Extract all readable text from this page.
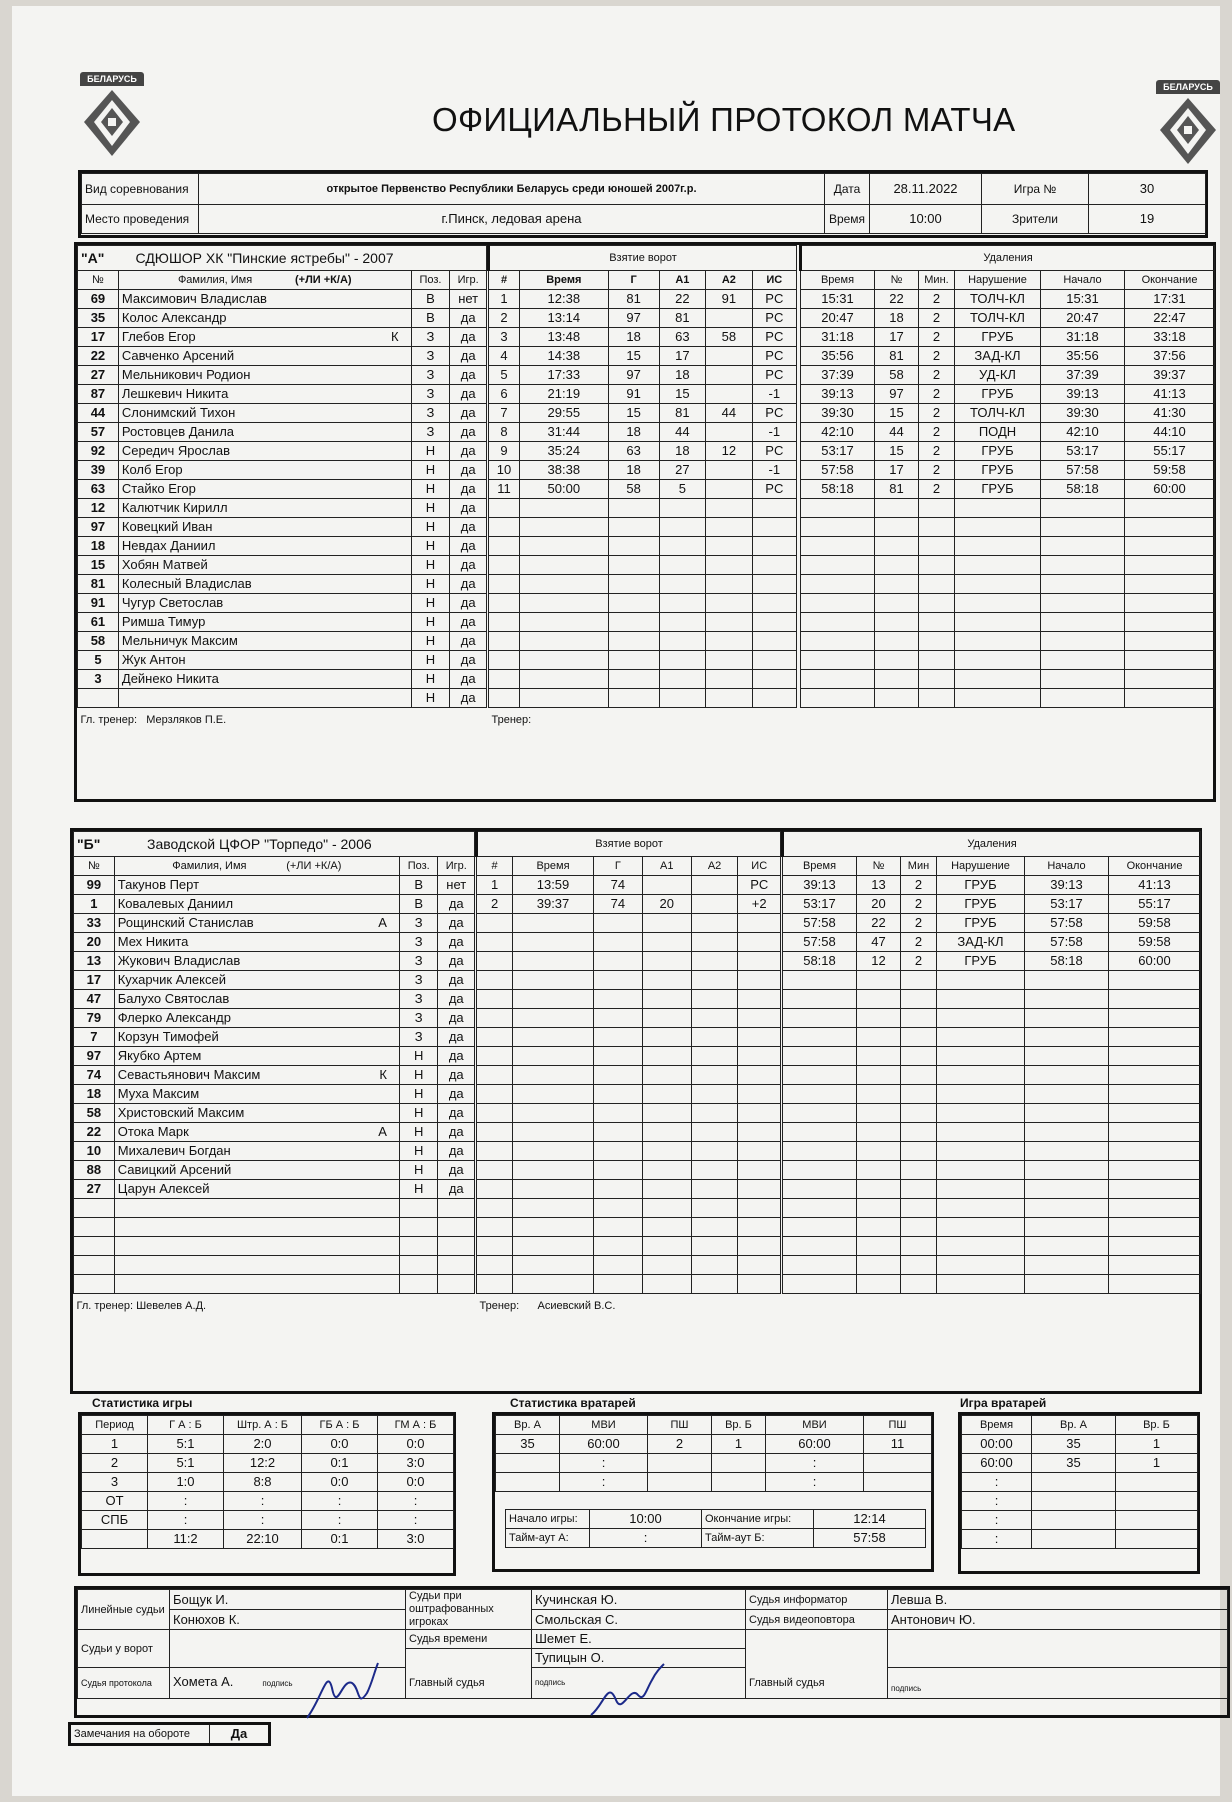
БЕЛАРУСЬ
БЕЛАРУСЬ
ОФИЦИАЛЬНЫЙ ПРОТОКОЛ МАТЧА
Вид соревнования	открытое Первенство Республики Беларусь среди юношей 2007г.р.	Дата	28.11.2022	Игра №	30
Место проведения	г.Пинск, ледовая арена	Время	10:00	Зрители	19
"А" СДЮШОР ХК "Пинские ястребы" - 2007			
№	Фамилия, Имя (+ЛИ +К/А)	Поз.	Игр.
69	Максимович Владислав	В	нет
35	Колос Александр	В	да
17	Глебов Егор К	З	да
22	Савченко Арсений	З	да
27	Мельникович Родион	З	да
87	Лешкевич Никита	З	да
44	Слонимский Тихон	З	да
57	Ростовцев Данила	З	да
92	Середич Ярослав	Н	да
39	Колб Егор	Н	да
63	Стайко Егор	Н	да
12	Калютчик Кирилл	Н	да
97	Ковецкий Иван	Н	да
18	Невдах Даниил	Н	да
15	Хобян Матвей	Н	да
81	Колесный Владислав	Н	да
91	Чугур Светослав	Н	да
61	Римша Тимур	Н	да
58	Мельничук Максим	Н	да
5	Жук Антон	Н	да
3	Дейнеко Никита	Н	да

	Н	да
Гл. тренер: Мерзляков П.Е.			
Взятие ворот					
#	Время	Г	А1	А2	ИС
1	12:38	81	22	91	PC
2	13:14	97	81		PC
3	13:48	18	63	58	PC
4	14:38	15	17		PC
5	17:33	97	18		PC
6	21:19	91	15		-1
7	29:55	15	81	44	PC
8	31:44	18	44		-1
9	35:24	63	18	12	PC
10	38:38	18	27		-1
11	50:00	58	5		PC

Тренер:					
Удаления					
Время	№	Мин.	Нарушение	Начало	Окончание
15:31	22	2	ТОЛЧ-КЛ	15:31	17:31
20:47	18	2	ТОЛЧ-КЛ	20:47	22:47
31:18	17	2	ГРУБ	31:18	33:18
35:56	81	2	ЗАД-КЛ	35:56	37:56
37:39	58	2	УД-КЛ	37:39	39:37
39:13	97	2	ГРУБ	39:13	41:13
39:30	15	2	ТОЛЧ-КЛ	39:30	41:30
42:10	44	2	ПОДН	42:10	44:10
53:17	15	2	ГРУБ	53:17	55:17
57:58	17	2	ГРУБ	57:58	59:58
58:18	81	2	ГРУБ	58:18	60:00

"Б" Заводской ЦФОР "Торпедо" - 2006			
№	Фамилия, Имя (+ЛИ +К/А)	Поз.	Игр.
99	Такунов Перт	В	нет
1	Ковалевых Даниил	В	да
33	Рощинский Станислав А	З	да
20	Мех Никита	З	да
13	Жукович Владислав	З	да
17	Кухарчик Алексей	З	да
47	Балухо Святослав	З	да
79	Флерко Александр	З	да
7	Корзун Тимофей	З	да
97	Якубко Артем	Н	да
74	Севастьянович Максим К	Н	да
18	Муха Максим	Н	да
58	Христовский Максим	Н	да
22	Отока Марк А	Н	да
10	Михалевич Богдан	Н	да
88	Савицкий Арсений	Н	да
27	Царун Алексей	Н	да

Гл. тренер: Шевелев А.Д.			
Взятие ворот					
#	Время	Г	А1	А2	ИС
1	13:59	74			PC
2	39:37	74	20		+2

Тренер: Асиевский В.С.					
Удаления					
Время	№	Мин	Нарушение	Начало	Окончание
39:13	13	2	ГРУБ	39:13	41:13
53:17	20	2	ГРУБ	53:17	55:17
57:58	22	2	ГРУБ	57:58	59:58
57:58	47	2	ЗАД-КЛ	57:58	59:58
58:18	12	2	ГРУБ	58:18	60:00

Статистика игры	Статистика вратарей	Игра вратарей
Период	Г А : Б	Штр. А : Б	ГБ А : Б	ГМ А : Б
1	5:1	2:0	0:0	0:0
2	5:1	12:2	0:1	3:0
3	1:0	8:8	0:0	0:0
ОТ	:	:	:	:
СПБ	:	:	:	:
	11:2	22:10	0:1	3:0
Вр. А	МВИ	ПШ	Вр. Б	МВИ	ПШ
35	60:00	2	1	60:00	11
	:			:	
	:			:	
Начало игры:	10:00	Окончание игры:	12:14
Тайм-аут А:	:	Тайм-аут Б:	57:58
Время	Вр. А	Вр. Б
00:00	35	1
60:00	35	1
:		
:		
:		
:		
Линейные судьи	Бощук И.	Судьи при оштрафованных игроках	Кучинская Ю.	Судья информатор	Левша В.
	Конюхов К.		Смольская С.	Судья видеоповтора	Антонович Ю.
Судьи у ворот		Судья времени	Шемет Е.		
			Тупицын О.		
Судья протокола	Хомета А. подпись	Главный судья	подпись	Главный судья	подпись
Замечания на обороте	Да
